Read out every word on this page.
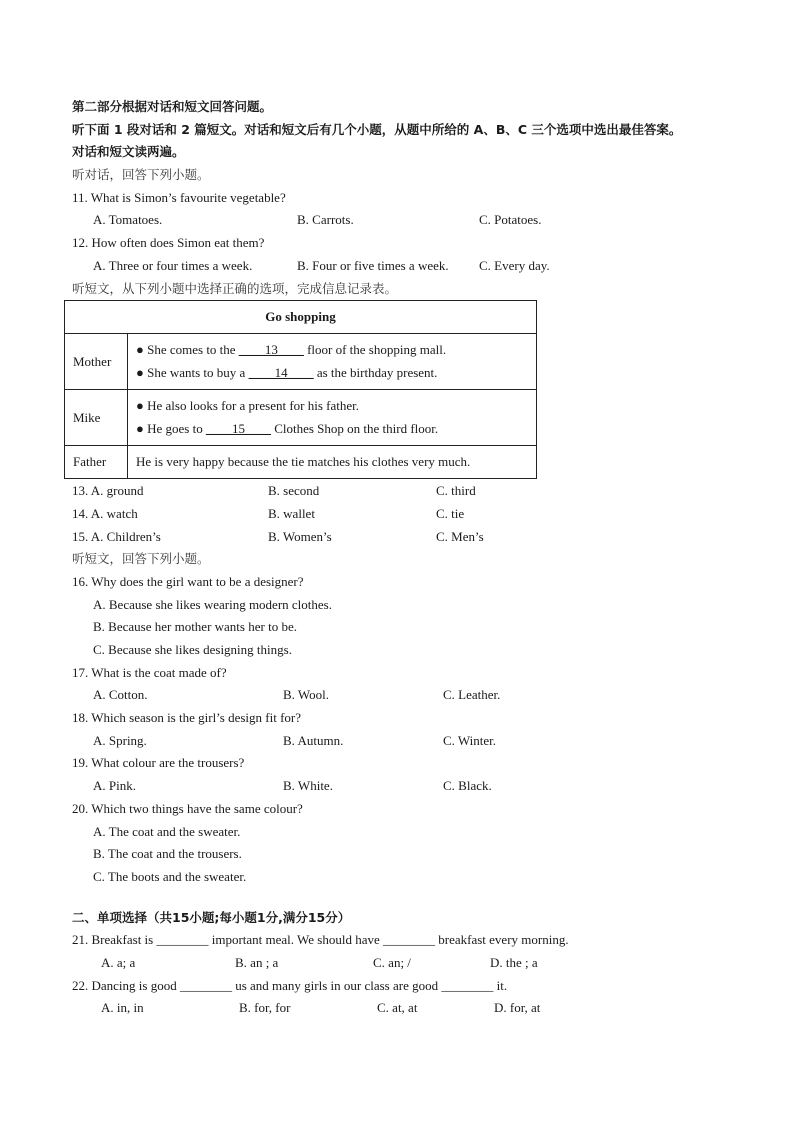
第二部分根据对话和短文回答问题。
听下面 1 段对话和 2 篇短文。对话和短文后有几个小题，从题中所给的 A、B、C 三个选项中选出最佳答案。
对话和短文读两遍。
听对话，回答下列小题。
11. What is Simon’s favourite vegetable?
A. Tomatoes.	B. Carrots.	C. Potatoes.
12. How often does Simon eat them?
A. Three or four times a week.	B. Four or five times a week.	C. Every day.
听短文，从下列小题中选择正确的选项，完成信息记录表。
Go shopping	
Mother	● She comes to the ____13____ floor of the shopping mall.
● She wants to buy a ____14____ as the birthday present.

Mike	● He also looks for a present for his father.
● He goes to ____15____ Clothes Shop on the third floor.

Father	He is very happy because the tie matches his clothes very much.
13. A. ground	B. second	C. third
14. A. watch	B. wallet	C. tie
15. A. Children’s	B. Women’s	C. Men’s
听短文，回答下列小题。
16. Why does the girl want to be a designer?
A. Because she likes wearing modern clothes.
B. Because her mother wants her to be.
C. Because she likes designing things.
17. What is the coat made of?
A. Cotton.	B. Wool.	C. Leather.
18. Which season is the girl’s design fit for?
A. Spring.	B. Autumn.	C. Winter.
19. What colour are the trousers?
A. Pink.	B. White.	C. Black.
20. Which two things have the same colour?
A. The coat and the sweater.
B. The coat and the trousers.
C. The boots and the sweater.
二、单项选择（共15小题;每小题1分,满分15分）
21. Breakfast is ________ important meal. We should have ________ breakfast every morning.
A. a; a	B. an ; a	C. an; /	D. the ; a
22. Dancing is good ________ us and many girls in our class are good ________ it.
A. in, in	B. for, for	C. at, at	D. for, at
